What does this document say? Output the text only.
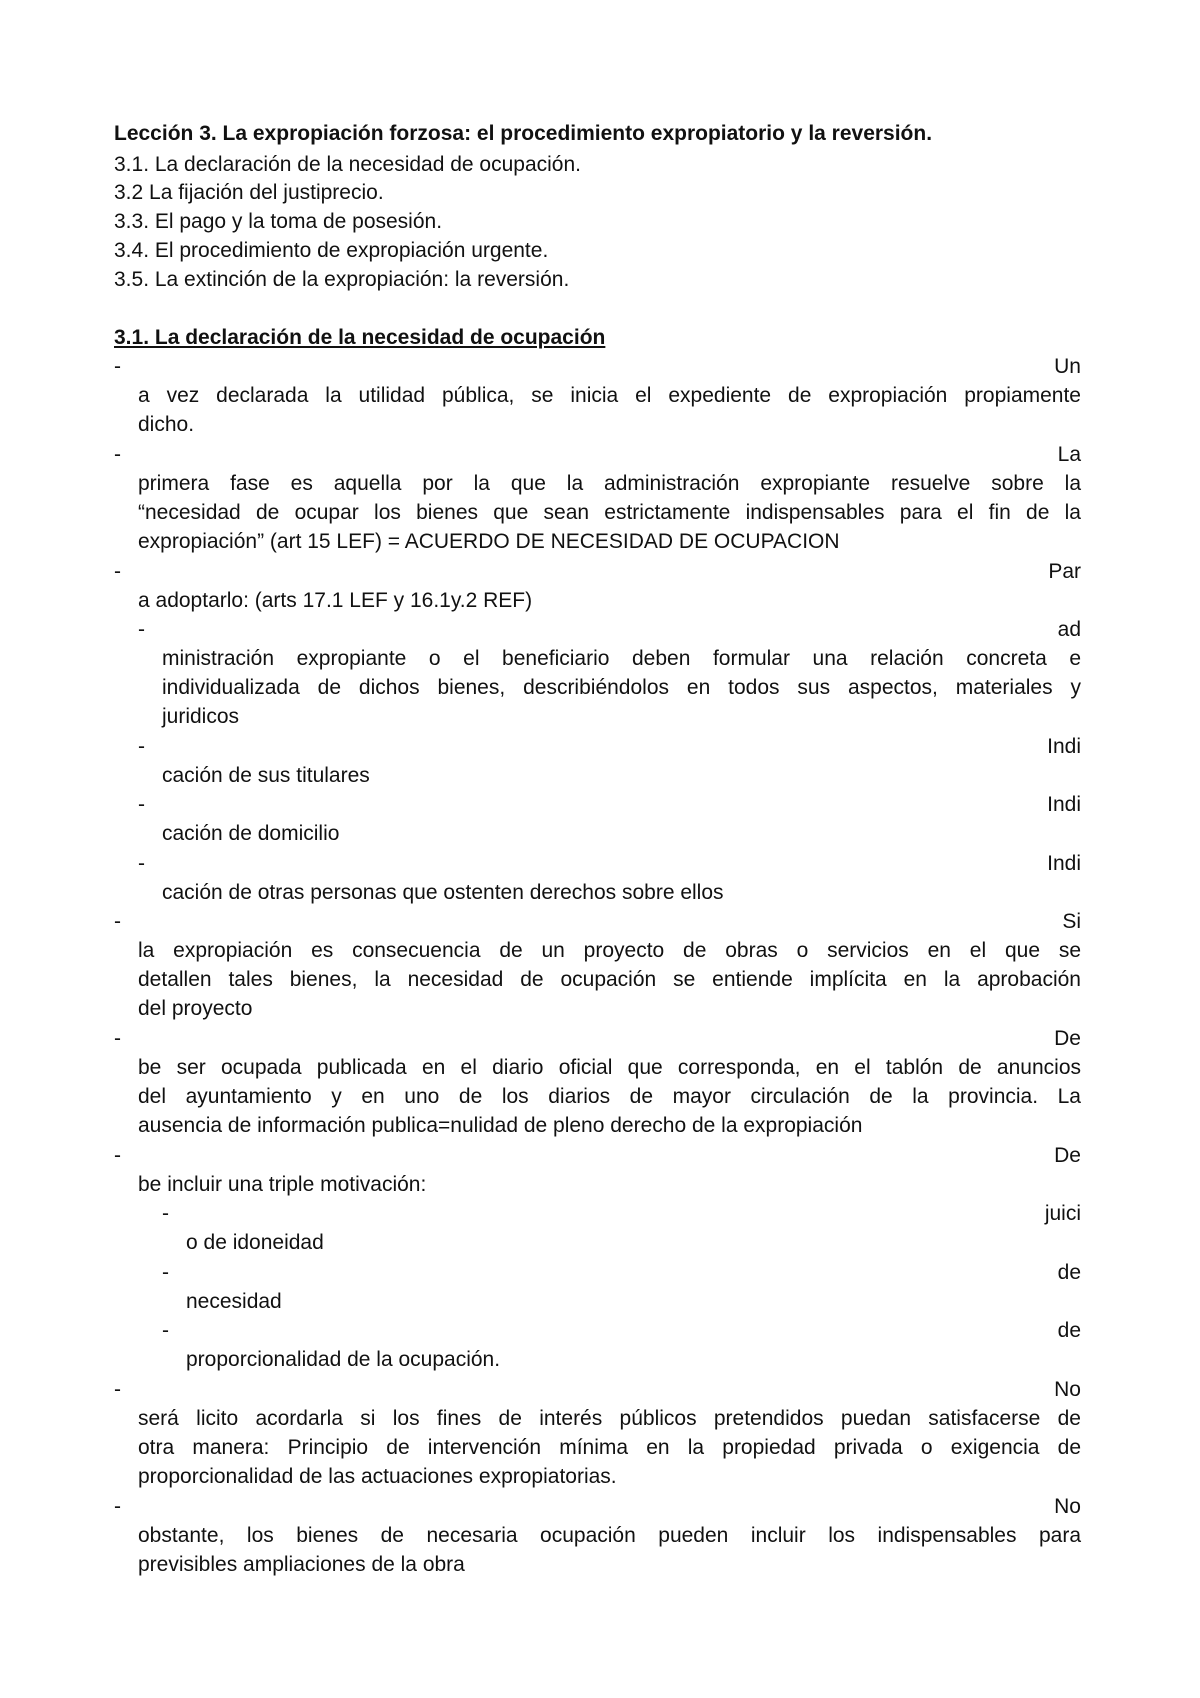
Lección 3. La expropiación forzosa: el procedimiento expropiatorio y la reversión.
3.1. La declaración de la necesidad de ocupación.
3.2 La fijación del justiprecio.
3.3. El pago y la toma de posesión.
3.4. El procedimiento de expropiación urgente.
3.5. La extinción de la expropiación: la reversión.
3.1. La declaración de la necesidad de ocupación
-	Un
a vez declarada la utilidad pública, se inicia el expediente de expropiación propiamente
dicho.
-	La
primera fase es aquella por la que la administración expropiante resuelve sobre la
“necesidad de ocupar los bienes que sean estrictamente indispensables para el fin de la
expropiación” (art 15 LEF) = ACUERDO DE NECESIDAD DE OCUPACION
-	Par
a adoptarlo: (arts 17.1 LEF y 16.1y.2 REF)
-	ad
ministración expropiante o el beneficiario deben formular una relación concreta e
individualizada de dichos bienes, describiéndolos en todos sus aspectos, materiales y
juridicos
-	Indi
cación de sus titulares
-	Indi
cación de domicilio
-	Indi
cación de otras personas que ostenten derechos sobre ellos
-	Si
la expropiación es consecuencia de un proyecto de obras o servicios en el que se
detallen tales bienes, la necesidad de ocupación se entiende implícita en la aprobación
del proyecto
-	De
be ser ocupada publicada en el diario oficial que corresponda, en el tablón de anuncios
del ayuntamiento y en uno de los diarios de mayor circulación de la provincia. La
ausencia de información publica=nulidad de pleno derecho de la expropiación
-	De
be incluir una triple motivación:
-	juici
o de idoneidad
-	de
necesidad
-	de
proporcionalidad de la ocupación.
-	No
será licito acordarla si los fines de interés públicos pretendidos puedan satisfacerse de
otra manera: Principio de intervención mínima en la propiedad privada o exigencia de
proporcionalidad de las actuaciones expropiatorias.
-	No
obstante, los bienes de necesaria ocupación pueden incluir los indispensables para
previsibles ampliaciones de la obra
